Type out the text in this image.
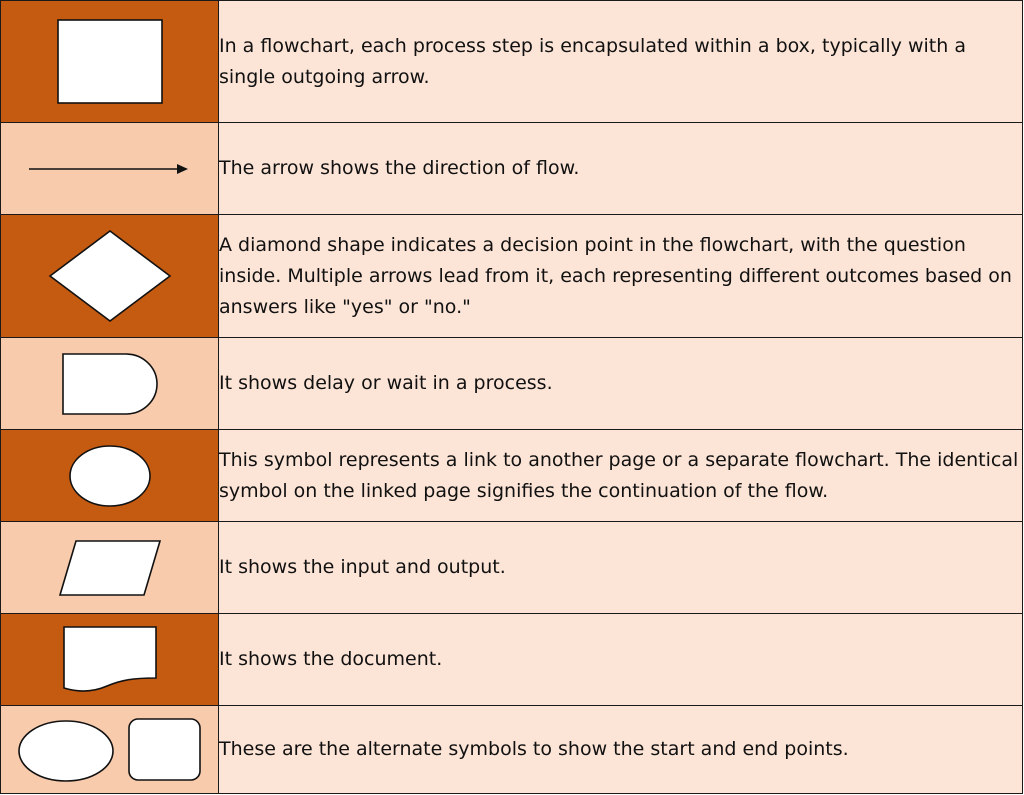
	In a flowchart, each process step is encapsulated within a box, typically with a single outgoing arrow.

	The arrow shows the direction of flow.

	A diamond shape indicates a decision point in the flowchart, with the question inside. Multiple arrows lead from it, each representing different outcomes based on answers like "yes" or "no."

	It shows delay or wait in a process.

	This symbol represents a link to another page or a separate flowchart. The identical symbol on the linked page signifies the continuation of the flow.

	It shows the input and output.

	It shows the document.

	These are the alternate symbols to show the start and end points.
